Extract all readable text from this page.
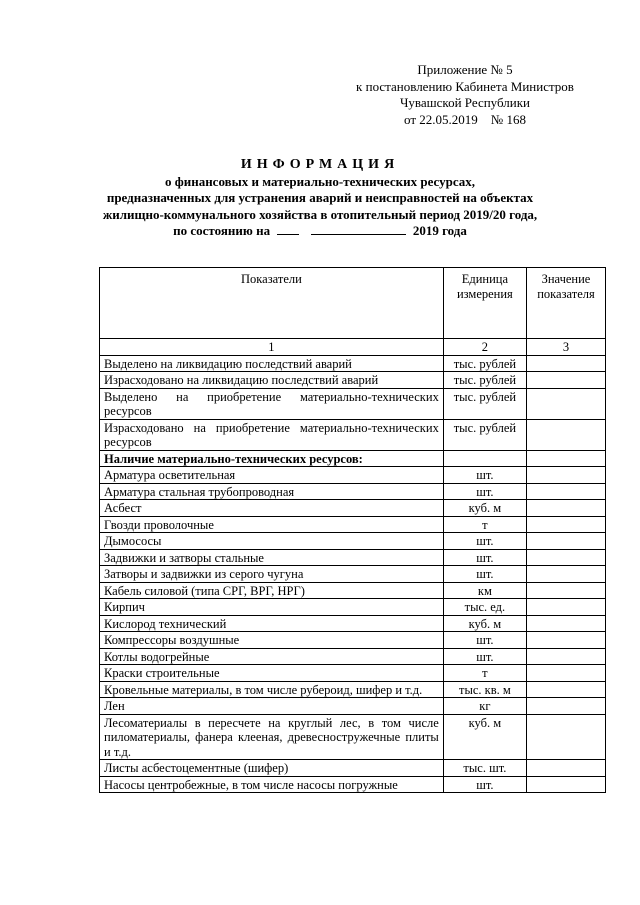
Приложение № 5
к постановлению Кабинета Министров
Чувашской Республики
от 22.05.2019    № 168
ИНФОРМАЦИЯ
о финансовых и материально-технических ресурсах,
предназначенных для устранения аварий и неисправностей на объектах
жилищно-коммунального хозяйства в отопительный период 2019/20 года,
по состоянию на	2019 года
Показатели	Единица измерения	Значение показателя
1	2	3
Выделено на ликвидацию последствий аварий	тыс. рублей	
Израсходовано на ликвидацию последствий аварий	тыс. рублей	
Выделено на приобретение материально-технических ресурсов	тыс. рублей	
Израсходовано на приобретение материально-технических ресурсов	тыс. рублей	
Наличие материально-технических ресурсов:		
Арматура осветительная	шт.	
Арматура стальная трубопроводная	шт.	
Асбест	куб. м	
Гвозди проволочные	т	
Дымососы	шт.	
Задвижки и затворы стальные	шт.	
Затворы и задвижки из серого чугуна	шт.	
Кабель силовой (типа СРГ, ВРГ, НРГ)	км	
Кирпич	тыс. ед.	
Кислород технический	куб. м	
Компрессоры воздушные	шт.	
Котлы водогрейные	шт.	
Краски строительные	т	
Кровельные материалы, в том числе рубероид, шифер и т.д.	тыс. кв. м	
Лен	кг	
Лесоматериалы в пересчете на круглый лес, в том числе пиломатериалы, фанера клееная, древесностружечные плиты и т.д.	куб. м	
Листы асбестоцементные (шифер)	тыс. шт.	
Насосы центробежные, в том числе насосы погружные	шт.	
